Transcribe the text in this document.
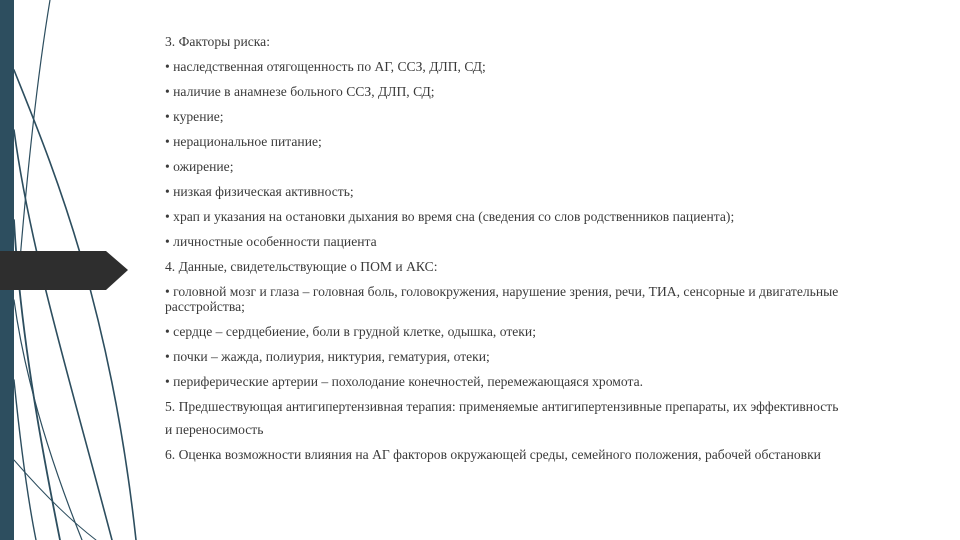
3. Факторы риска:
• наследственная отягощенность по АГ, ССЗ, ДЛП, СД;
• наличие в анамнезе больного ССЗ, ДЛП, СД;
• курение;
• нерациональное питание;
• ожирение;
• низкая физическая активность;
• храп и указания на остановки дыхания во время сна (сведения со слов родственников пациента);
• личностные особенности пациента
4. Данные, свидетельствующие о ПОМ и АКС:
• головной мозг и глаза – головная боль, головокружения, нарушение зрения, речи, ТИА, сенсорные и двигательные расстройства;
• сердце – сердцебиение, боли в грудной клетке, одышка, отеки;
• почки – жажда, полиурия, никтурия, гематурия, отеки;
• периферические артерии – похолодание конечностей, перемежающаяся хромота.
5. Предшествующая антигипертензивная терапия: применяемые антигипертензивные препараты, их эффективность
и переносимость
6. Оценка возможности влияния на АГ факторов окружающей среды, семейного положения, рабочей обстановки
